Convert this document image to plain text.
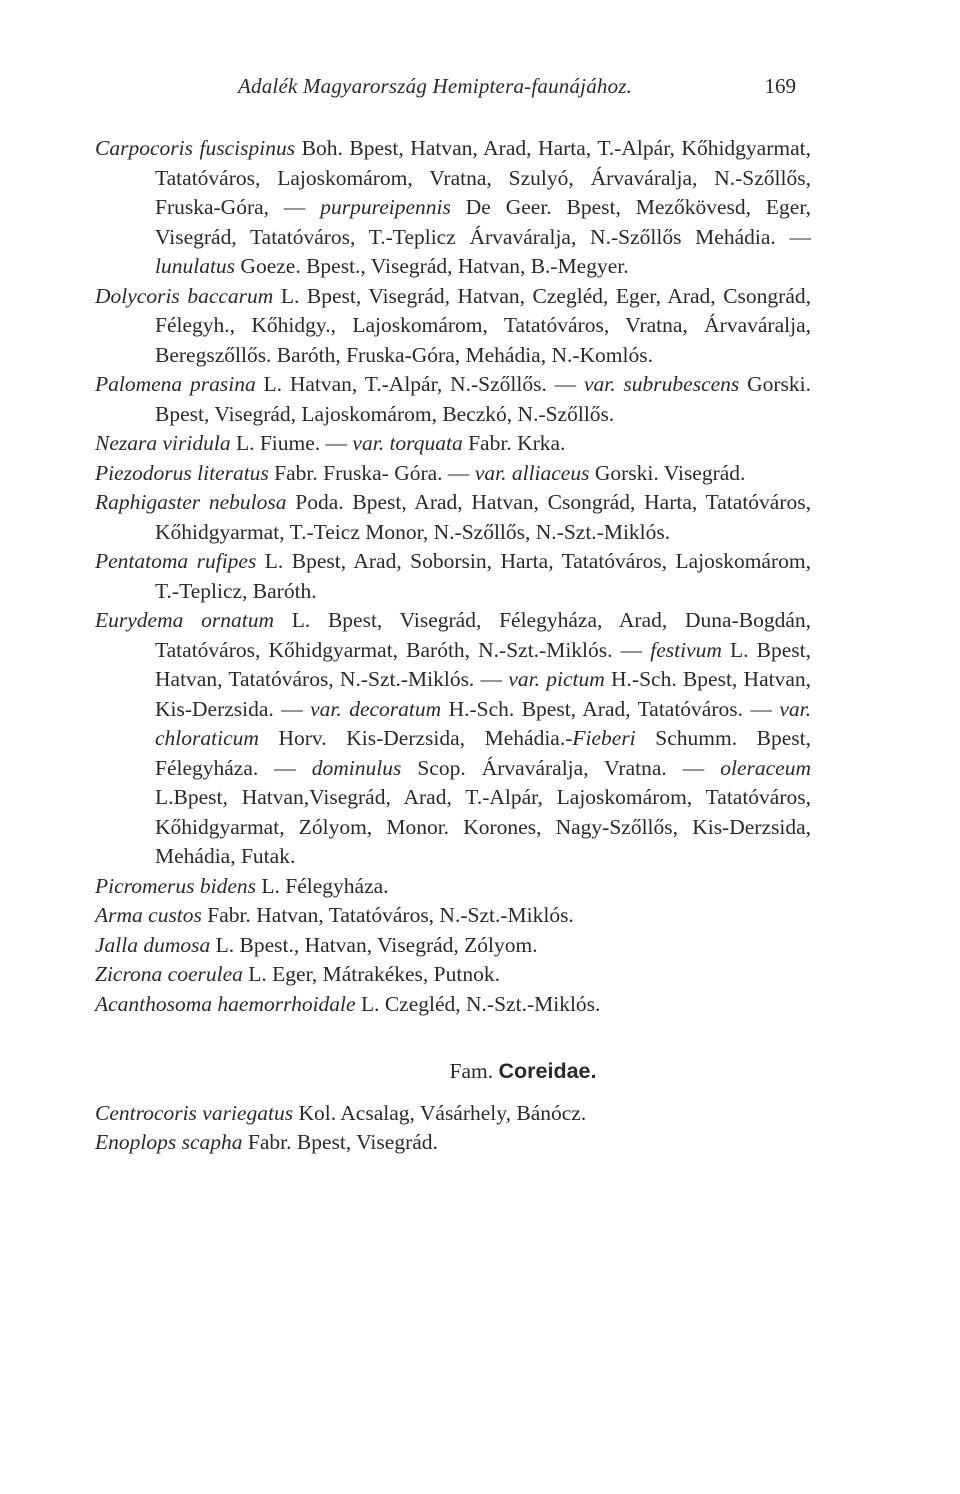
Adalék Magyarország Hemiptera-faunájához.	169

Carpocoris fuscispinus Boh. Bpest, Hatvan, Arad, Harta, T.-Alpár, Kőhidgyarmat, Tatatóváros, Lajoskomárom, Vratna, Szulyó, Árvaváralja, N.-Szőllős, Fruska-Góra, — purpureipennis De Geer. Bpest, Mezőkövesd, Eger, Visegrád, Tatatóváros, T.-Teplicz Árvaváralja, N.-Szőllős Mehádia. — lunulatus Goeze. Bpest., Visegrád, Hatvan, B.-Megyer.

Dolycoris baccarum L. Bpest, Visegrád, Hatvan, Czegléd, Eger, Arad, Csongrád, Félegyh., Kőhidgy., Lajoskomárom, Tatatóváros, Vratna, Árvaváralja, Beregszőllős. Baróth, Fruska-Góra, Mehádia, N.-Komlós.

Palomena prasina L. Hatvan, T.-Alpár, N.-Szőllős. — var. subrubescens Gorski. Bpest, Visegrád, Lajoskomárom, Beczkó, N.-Szőllős.

Nezara viridula L. Fiume. — var. torquata Fabr. Krka.

Piezodorus literatus Fabr. Fruska- Góra. — var. alliaceus Gorski. Visegrád.

Raphigaster nebulosa Poda. Bpest, Arad, Hatvan, Csongrád, Harta, Tatatóváros, Kőhidgyarmat, T.-Teicz Monor, N.-Szőllős, N.-Szt.-Miklós.

Pentatoma rufipes L. Bpest, Arad, Soborsin, Harta, Tatatóváros, Lajoskomárom, T.-Teplicz, Baróth.

Eurydema ornatum L. Bpest, Visegrád, Félegyháza, Arad, Duna-Bogdán, Tatatóváros, Kőhidgyarmat, Baróth, N.-Szt.-Miklós. — festivum L. Bpest, Hatvan, Tatatóváros, N.-Szt.-Miklós. — var. pictum H.-Sch. Bpest, Hatvan, Kis-Derzsida. — var. decoratum H.-Sch. Bpest, Arad, Tatatóváros. — var. chloraticum Horv. Kis-Derzsida, Mehádia.-Fieberi Schumm. Bpest, Félegyháza. — dominulus Scop. Árvaváralja, Vratna. — oleraceum L.Bpest, Hatvan,Visegrád, Arad, T.-Alpár, Lajoskomárom, Tatatóváros, Kőhidgyarmat, Zólyom, Monor. Korones, Nagy-Szőllős, Kis-Derzsida, Mehádia, Futak.

Picromerus bidens L. Félegyháza.

Arma custos Fabr. Hatvan, Tatatóváros, N.-Szt.-Miklós.

Jalla dumosa L. Bpest., Hatvan, Visegrád, Zólyom.

Zicrona coerulea L. Eger, Mátrakékes, Putnok.

Acanthosoma haemorrhoidale L. Czegléd, N.-Szt.-Miklós.

Fam. Coreidae.

Centrocoris variegatus Kol. Acsalag, Vásárhely, Bánócz.

Enoplops scapha Fabr. Bpest, Visegrád.
